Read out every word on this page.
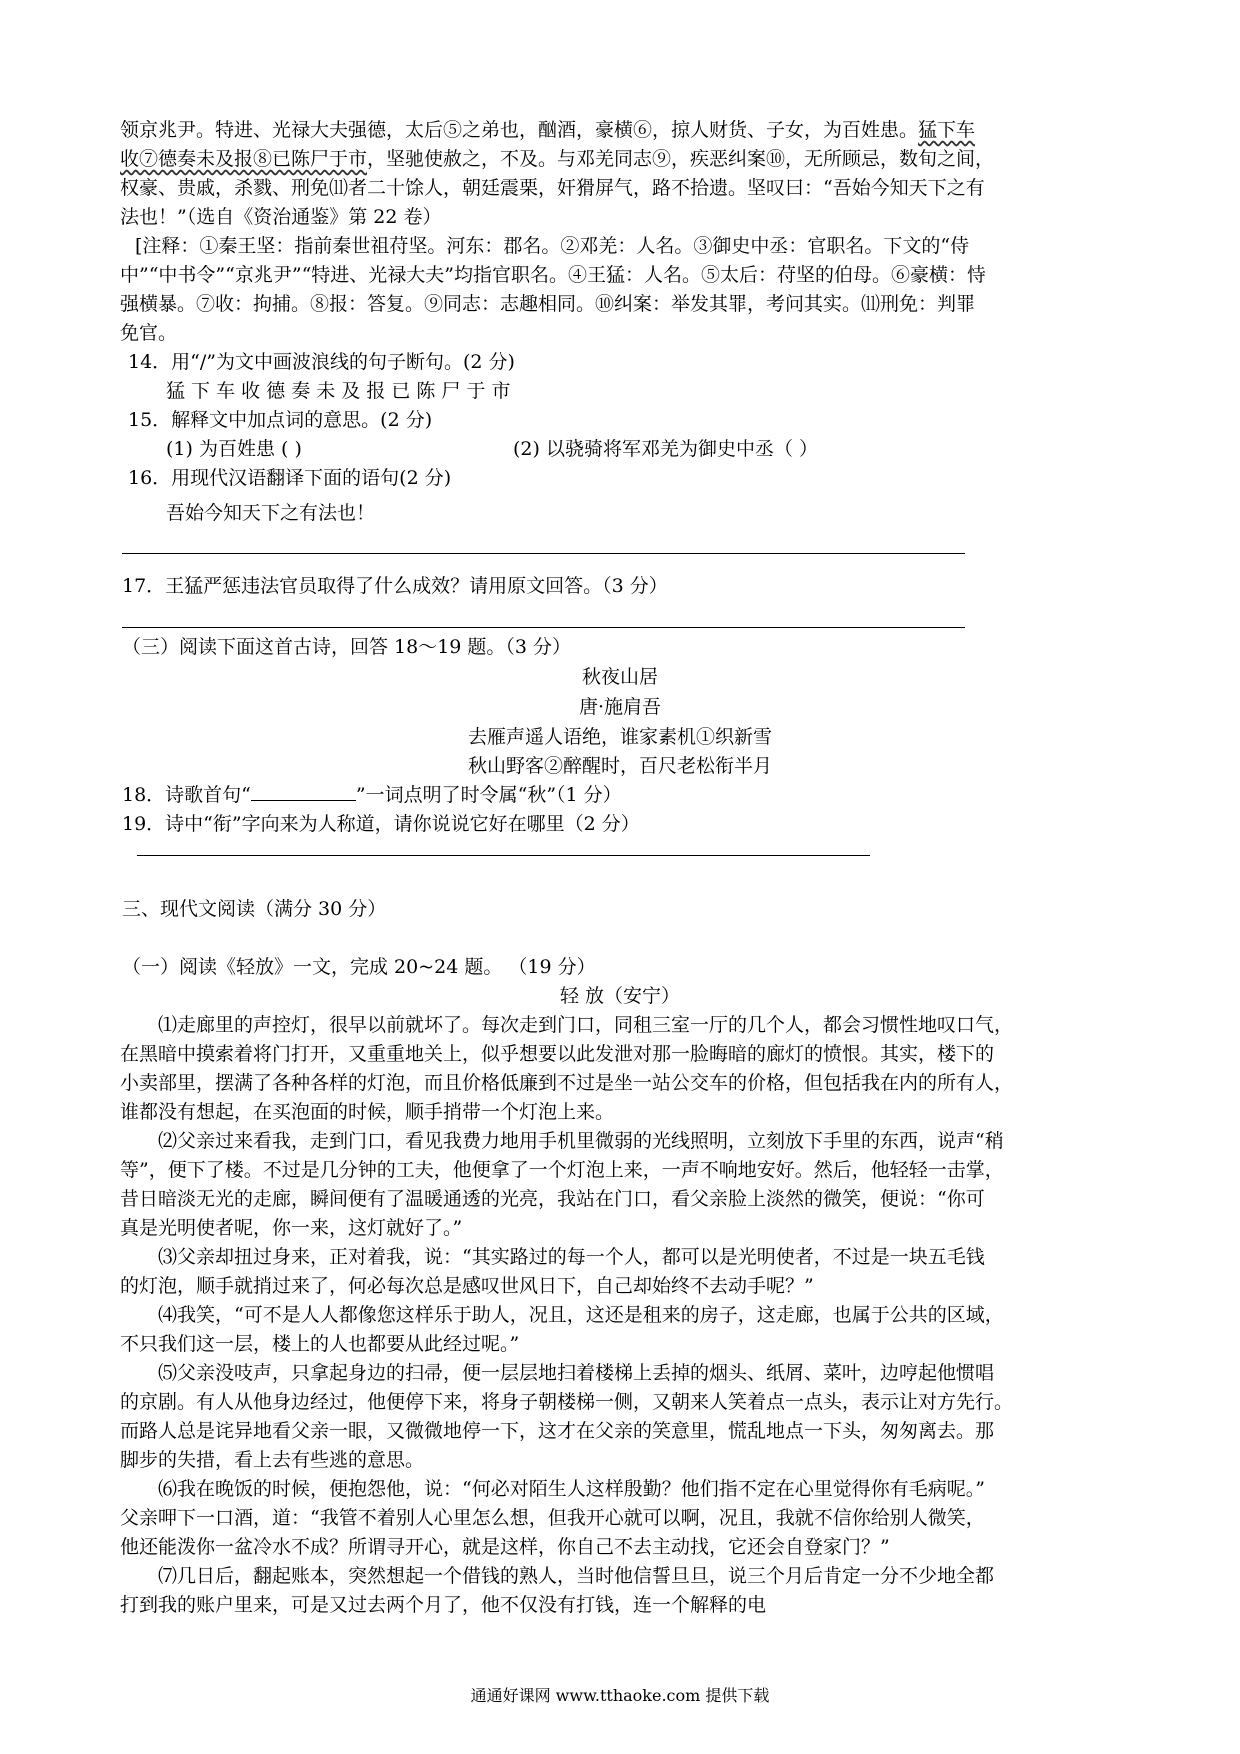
领京兆尹。特进、光禄大夫强德，太后⑤之弟也，酗酒，豪横⑥，掠人财货、子女，为百姓患。猛下车
收⑦德奏未及报⑧已陈尸于市，坚驰使赦之，不及。与邓羌同志⑨，疾恶纠案⑩，无所顾忌，数旬之间，
权豪、贵戚，杀戮、刑免⑾者二十馀人，朝廷震栗，奸猾屏气，路不拾遗。坚叹曰：“吾始今知天下之有
法也！”（选自《资治通鉴》第 22 卷）
[注释：①秦王坚：指前秦世祖苻坚。河东：郡名。②邓羌：人名。③御史中丞：官职名。下文的“侍
中”“中书令”“京兆尹”“特进、光禄大夫”均指官职名。④王猛：人名。⑤太后：苻坚的伯母。⑥豪横：恃
强横暴。⑦收：拘捕。⑧报：答复。⑨同志：志趣相同。⑩纠案：举发其罪，考问其实。⑾刑免：判罪
免官。
14．用“/”为文中画波浪线的句子断句。(2 分)
猛 下 车 收 德 奏 未 及 报 已 陈 尸 于 市
15．解释文中加点词的意思。(2 分)
(1) 为百姓患 ( )	(2) 以骁骑将军邓羌为御史中丞（ ）
16．用现代汉语翻译下面的语句(2 分)
吾始今知天下之有法也！
17．王猛严惩违法官员取得了什么成效？请用原文回答。（3 分）
（三）阅读下面这首古诗，回答 18～19 题。（3 分）
秋夜山居
唐·施肩吾
去雁声遥人语绝，谁家素机①织新雪
秋山野客②醉醒时，百尺老松衔半月
18．诗歌首句“	”一词点明了时令属“秋”（1 分）
19．诗中“衔”字向来为人称道，请你说说它好在哪里（2 分）
三、现代文阅读（满分 30 分）
（一）阅读《轻放》一文，完成 20~24 题。 （19 分）
轻 放（安宁）
⑴走廊里的声控灯，很早以前就坏了。每次走到门口，同租三室一厅的几个人，都会习惯性地叹口气，
在黑暗中摸索着将门打开，又重重地关上，似乎想要以此发泄对那一脸晦暗的廊灯的愤恨。其实，楼下的
小卖部里，摆满了各种各样的灯泡，而且价格低廉到不过是坐一站公交车的价格，但包括我在内的所有人，
谁都没有想起，在买泡面的时候，顺手捎带一个灯泡上来。
⑵父亲过来看我，走到门口，看见我费力地用手机里微弱的光线照明，立刻放下手里的东西，说声“稍
等”，便下了楼。不过是几分钟的工夫，他便拿了一个灯泡上来，一声不响地安好。然后，他轻轻一击掌，
昔日暗淡无光的走廊，瞬间便有了温暖通透的光亮，我站在门口，看父亲脸上淡然的微笑，便说：“你可
真是光明使者呢，你一来，这灯就好了。”
⑶父亲却扭过身来，正对着我，说：“其实路过的每一个人，都可以是光明使者，不过是一块五毛钱
的灯泡，顺手就捎过来了，何必每次总是感叹世风日下，自己却始终不去动手呢？”
⑷我笑，“可不是人人都像您这样乐于助人，况且，这还是租来的房子，这走廊，也属于公共的区域，
不只我们这一层，楼上的人也都要从此经过呢。”
⑸父亲没吱声，只拿起身边的扫帚，便一层层地扫着楼梯上丢掉的烟头、纸屑、菜叶，边哼起他惯唱
的京剧。有人从他身边经过，他便停下来，将身子朝楼梯一侧，又朝来人笑着点一点头，表示让对方先行。
而路人总是诧异地看父亲一眼，又微微地停一下，这才在父亲的笑意里，慌乱地点一下头，匆匆离去。那
脚步的失措，看上去有些逃的意思。
⑹我在晚饭的时候，便抱怨他，说：“何必对陌生人这样殷勤？他们指不定在心里觉得你有毛病呢。”
父亲呷下一口酒，道：“我管不着别人心里怎么想，但我开心就可以啊，况且，我就不信你给别人微笑，
他还能泼你一盆冷水不成？所谓寻开心，就是这样，你自己不去主动找，它还会自登家门？”
⑺几日后，翻起账本，突然想起一个借钱的熟人，当时他信誓旦旦，说三个月后肯定一分不少地全都
打到我的账户里来，可是又过去两个月了，他不仅没有打钱，连一个解释的电
通通好课网 www.tthaoke.com 提供下载
